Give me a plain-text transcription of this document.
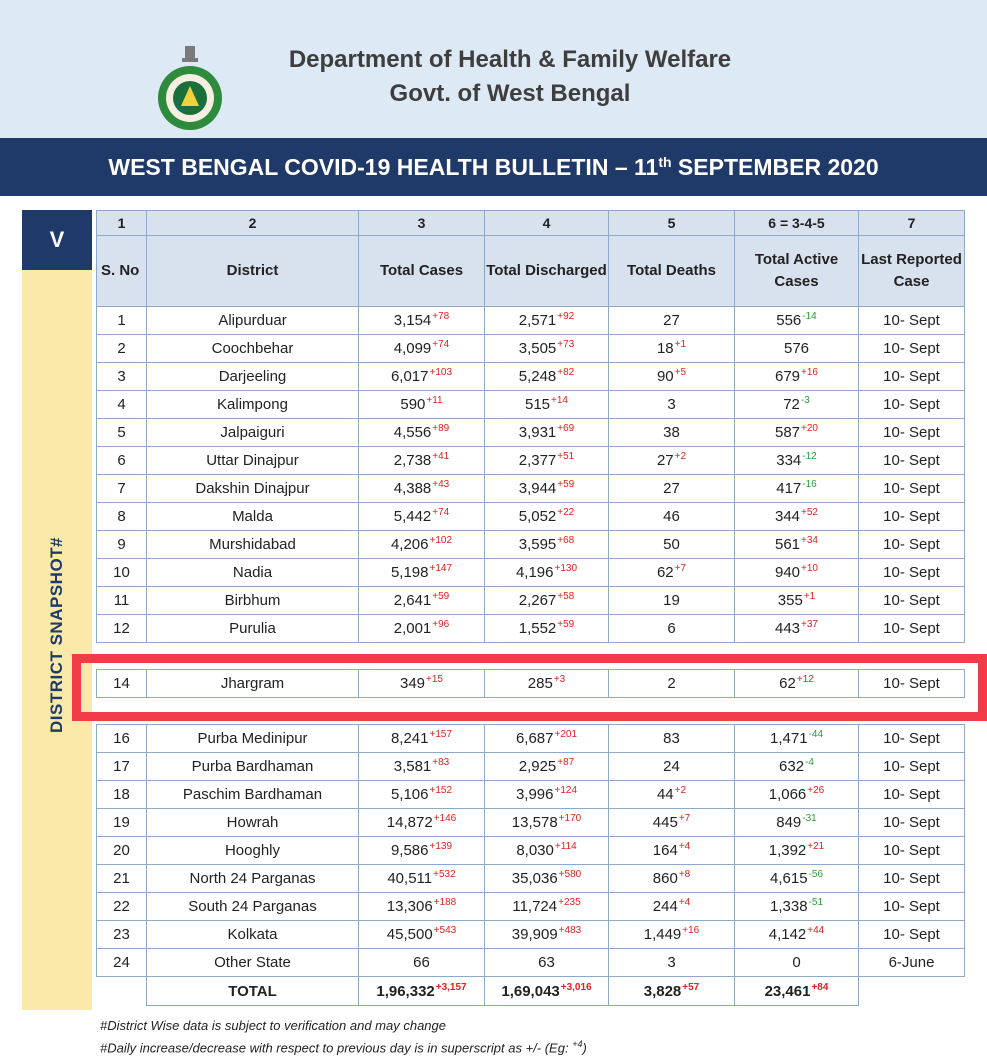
Department of Health & Family Welfare
Govt. of West Bengal
WEST BENGAL COVID-19 HEALTH BULLETIN – 11th SEPTEMBER 2020
V
DISTRICT SNAPSHOT#
1	2	3	4	5	6 = 3-4-5	7
S. No	District	Total Cases	Total Discharged	Total Deaths	Total Active Cases	Last Reported Case
1	Alipurduar	$3,154^{+78}$	$2,571^{+92}$	27	$556^{-14}$	10- Sept
2	Coochbehar	$4,099^{+74}$	$3,505^{+73}$	$18^{+1}$	576	10- Sept
3	Darjeeling	$6,017^{+103}$	$5,248^{+82}$	$90^{+5}$	$679^{+16}$	10- Sept
4	Kalimpong	$590^{+11}$	$515^{+14}$	3	$72^{-3}$	10- Sept
5	Jalpaiguri	$4,556^{+89}$	$3,931^{+69}$	38	$587^{+20}$	10- Sept
6	Uttar Dinajpur	$2,738^{+41}$	$2,377^{+51}$	$27^{+2}$	$334^{-12}$	10- Sept
7	Dakshin Dinajpur	$4,388^{+43}$	$3,944^{+59}$	27	$417^{-16}$	10- Sept
8	Malda	$5,442^{+74}$	$5,052^{+22}$	46	$344^{+52}$	10- Sept
9	Murshidabad	$4,206^{+102}$	$3,595^{+68}$	50	$561^{+34}$	10- Sept
10	Nadia	$5,198^{+147}$	$4,196^{+130}$	$62^{+7}$	$940^{+10}$	10- Sept
11	Birbhum	$2,641^{+59}$	$2,267^{+58}$	19	$355^{+1}$	10- Sept
12	Purulia	$2,001^{+96}$	$1,552^{+59}$	6	$443^{+37}$	10- Sept

14	Jhargram	$349^{+15}$	$285^{+3}$	2	$62^{+12}$	10- Sept

16	Purba Medinipur	$8,241^{+157}$	$6,687^{+201}$	83	$1,471^{-44}$	10- Sept
17	Purba Bardhaman	$3,581^{+83}$	$2,925^{+87}$	24	$632^{-4}$	10- Sept
18	Paschim Bardhaman	$5,106^{+152}$	$3,996^{+124}$	$44^{+2}$	$1,066^{+26}$	10- Sept
19	Howrah	$14,872^{+146}$	$13,578^{+170}$	$445^{+7}$	$849^{-31}$	10- Sept
20	Hooghly	$9,586^{+139}$	$8,030^{+114}$	$164^{+4}$	$1,392^{+21}$	10- Sept
21	North 24 Parganas	$40,511^{+532}$	$35,036^{+580}$	$860^{+8}$	$4,615^{-56}$	10- Sept
22	South 24 Parganas	$13,306^{+188}$	$11,724^{+235}$	$244^{+4}$	$1,338^{-51}$	10- Sept
23	Kolkata	$45,500^{+543}$	$39,909^{+483}$	$1,449^{+16}$	$4,142^{+44}$	10- Sept
24	Other State	66	63	3	0	6-June
	TOTAL	$1,96,332^{+3,157}$	$1,69,043^{+3,016}$	$3,828^{+57}$	$23,461^{+84}$	
#District Wise data is subject to verification and may change
#Daily increase/decrease with respect to previous day is in superscript as +/- (Eg: $^{+4}$)
